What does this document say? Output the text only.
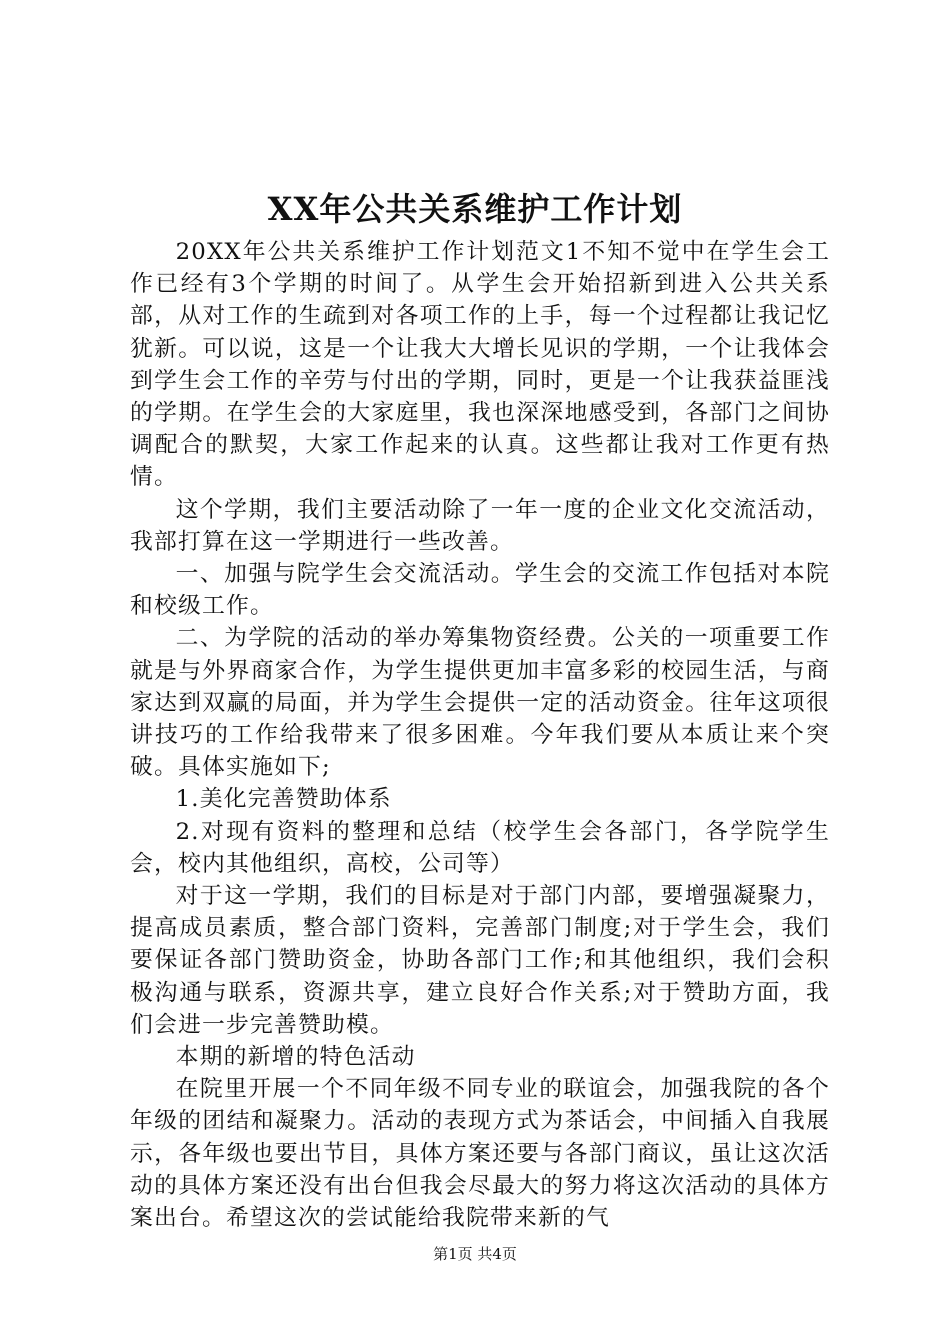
XX年公共关系维护工作计划

20XX年公共关系维护工作计划范文1不知不觉中在学生会工作已经有3个学期的时间了。从学生会开始招新到进入公共关系部，从对工作的生疏到对各项工作的上手，每一个过程都让我记忆犹新。可以说，这是一个让我大大增长见识的学期，一个让我体会到学生会工作的辛劳与付出的学期，同时，更是一个让我获益匪浅的学期。在学生会的大家庭里，我也深深地感受到，各部门之间协调配合的默契，大家工作起来的认真。这些都让我对工作更有热情。

这个学期，我们主要活动除了一年一度的企业文化交流活动，我部打算在这一学期进行一些改善。

一、加强与院学生会交流活动。学生会的交流工作包括对本院和校级工作。

二、为学院的活动的举办筹集物资经费。公关的一项重要工作就是与外界商家合作，为学生提供更加丰富多彩的校园生活，与商家达到双赢的局面，并为学生会提供一定的活动资金。往年这项很讲技巧的工作给我带来了很多困难。今年我们要从本质让来个突破。具体实施如下;

1.美化完善赞助体系

2.对现有资料的整理和总结（校学生会各部门，各学院学生会，校内其他组织，高校，公司等）

对于这一学期，我们的目标是对于部门内部，要增强凝聚力，提高成员素质，整合部门资料，完善部门制度;对于学生会，我们要保证各部门赞助资金，协助各部门工作;和其他组织，我们会积极沟通与联系，资源共享，建立良好合作关系;对于赞助方面，我们会进一步完善赞助模。

本期的新增的特色活动

在院里开展一个不同年级不同专业的联谊会，加强我院的各个年级的团结和凝聚力。活动的表现方式为茶话会，中间插入自我展示，各年级也要出节目，具体方案还要与各部门商议，虽让这次活动的具体方案还没有出台但我会尽最大的努力将这次活动的具体方案出台。希望这次的尝试能给我院带来新的气

第1页 共4页
